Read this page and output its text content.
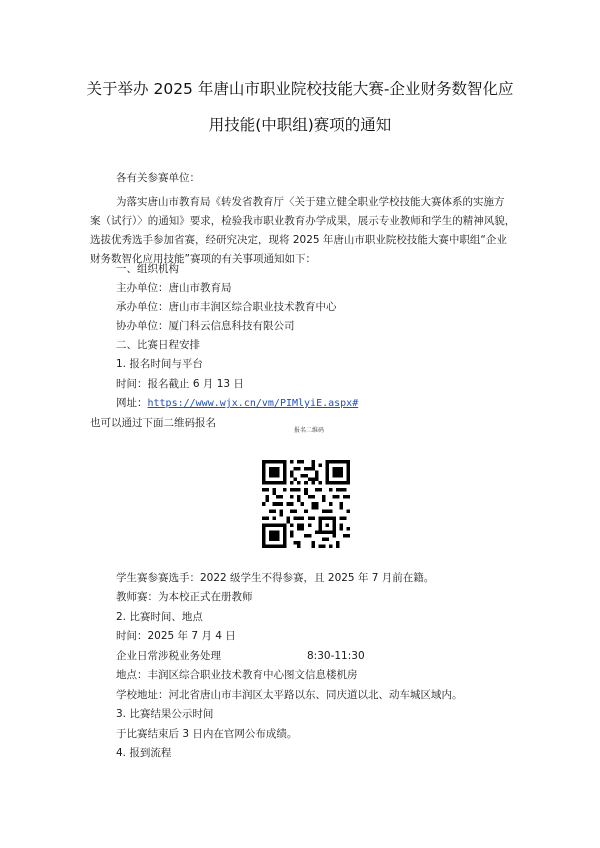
关于举办 2025 年唐山市职业院校技能大赛-企业财务数智化应
用技能(中职组)赛项的通知
各有关参赛单位：
为落实唐山市教育局《转发省教育厅〈关于建立健全职业学校技能大赛体系的实施方
案（试行）〉的通知》要求，检验我市职业教育办学成果，展示专业教师和学生的精神风貌，
选拔优秀选手参加省赛，经研究决定，现将 2025 年唐山市职业院校技能大赛中职组“企业
财务数智化应用技能”赛项的有关事项通知如下：
一、组织机构
主办单位：唐山市教育局
承办单位：唐山市丰润区综合职业技术教育中心
协办单位：厦门科云信息科技有限公司
二、比赛日程安排
1. 报名时间与平台
时间：报名截止 6 月 13 日
网址：https://www.wjx.cn/vm/PIMlyiE.aspx#
也可以通过下面二维码报名
报名二维码
学生赛参赛选手：2022 级学生不得参赛，且 2025 年 7 月前在籍。
教师赛：为本校正式在册教师
2. 比赛时间、地点
时间：2025 年 7 月 4 日
企业日常涉税业务处理	8:30-11:30
地点：丰润区综合职业技术教育中心图文信息楼机房
学校地址：河北省唐山市丰润区太平路以东、同庆道以北、动车城区域内。
3. 比赛结果公示时间
于比赛结束后 3 日内在官网公布成绩。
4. 报到流程
